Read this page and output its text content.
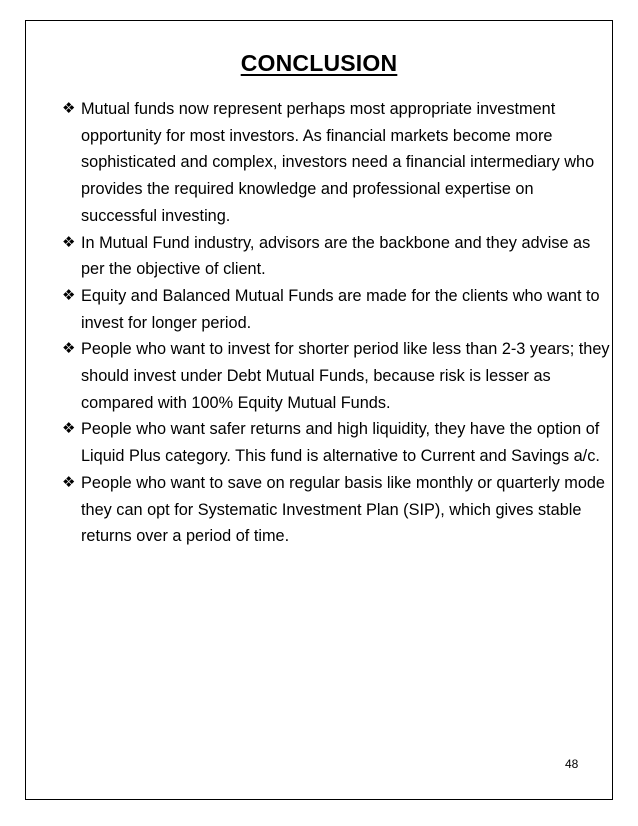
CONCLUSION
❖ Mutual funds now represent perhaps most appropriate investment opportunity for most investors. As financial markets become more sophisticated and complex, investors need a financial intermediary who provides the required knowledge and professional expertise on successful investing.
❖ In Mutual Fund industry, advisors are the backbone and they advise as per the objective of client.
❖ Equity and Balanced Mutual Funds are made for the clients who want to invest for longer period.
❖ People who want to invest for shorter period like less than 2-3 years; they should invest under Debt Mutual Funds, because risk is lesser as compared with 100% Equity Mutual Funds.
❖ People who want safer returns and high liquidity, they have the option of Liquid Plus category. This fund is alternative to Current and Savings a/c.
❖ People who want to save on regular basis like monthly or quarterly mode they can opt for Systematic Investment Plan (SIP), which gives stable returns over a period of time.
48
